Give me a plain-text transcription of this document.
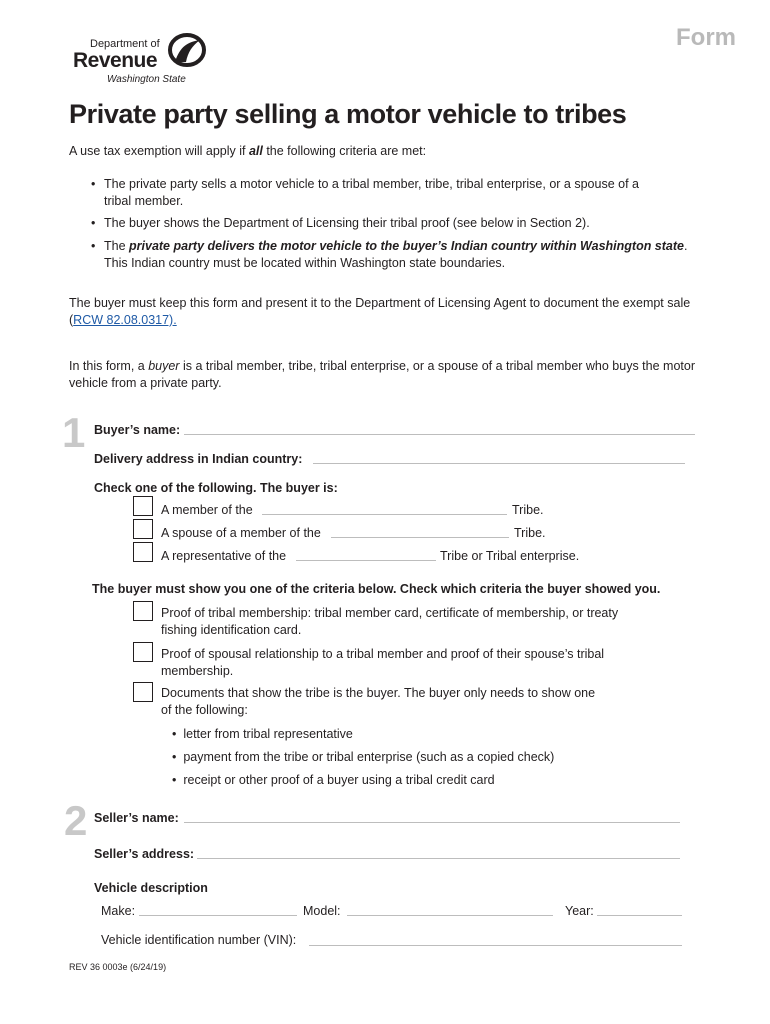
Department of
Revenue
Washington State
Form
Private party selling a motor vehicle to tribes
A use tax exemption will apply if all the following criteria are met:
• The private party sells a motor vehicle to a tribal member, tribe, tribal enterprise, or a spouse of a tribal member.
• The buyer shows the Department of Licensing their tribal proof (see below in Section 2).
• The private party delivers the motor vehicle to the buyer’s Indian country within Washington state.
This Indian country must be located within Washington state boundaries.
The buyer must keep this form and present it to the Department of Licensing Agent to document the exempt sale (RCW 82.08.0317).
In this form, a buyer is a tribal member, tribe, tribal enterprise, or a spouse of a tribal member who buys the motor vehicle from a private party.
1 Buyer’s name:
Delivery address in Indian country:
Check one of the following. The buyer is:
A member of the	Tribe.
A spouse of a member of the	Tribe.
A representative of the	Tribe or Tribal enterprise.
The buyer must show you one of the criteria below. Check which criteria the buyer showed you.
Proof of tribal membership: tribal member card, certificate of membership, or treaty
fishing identification card.
Proof of spousal relationship to a tribal member and proof of their spouse’s tribal
membership.
Documents that show the tribe is the buyer. The buyer only needs to show one
of the following:
• letter from tribal representative
• payment from the tribe or tribal enterprise (such as a copied check)
• receipt or other proof of a buyer using a tribal credit card
2 Seller’s name:
Seller’s address:
Vehicle description
Make:	Model:	Year:
Vehicle identification number (VIN):
REV 36 0003e (6/24/19)
